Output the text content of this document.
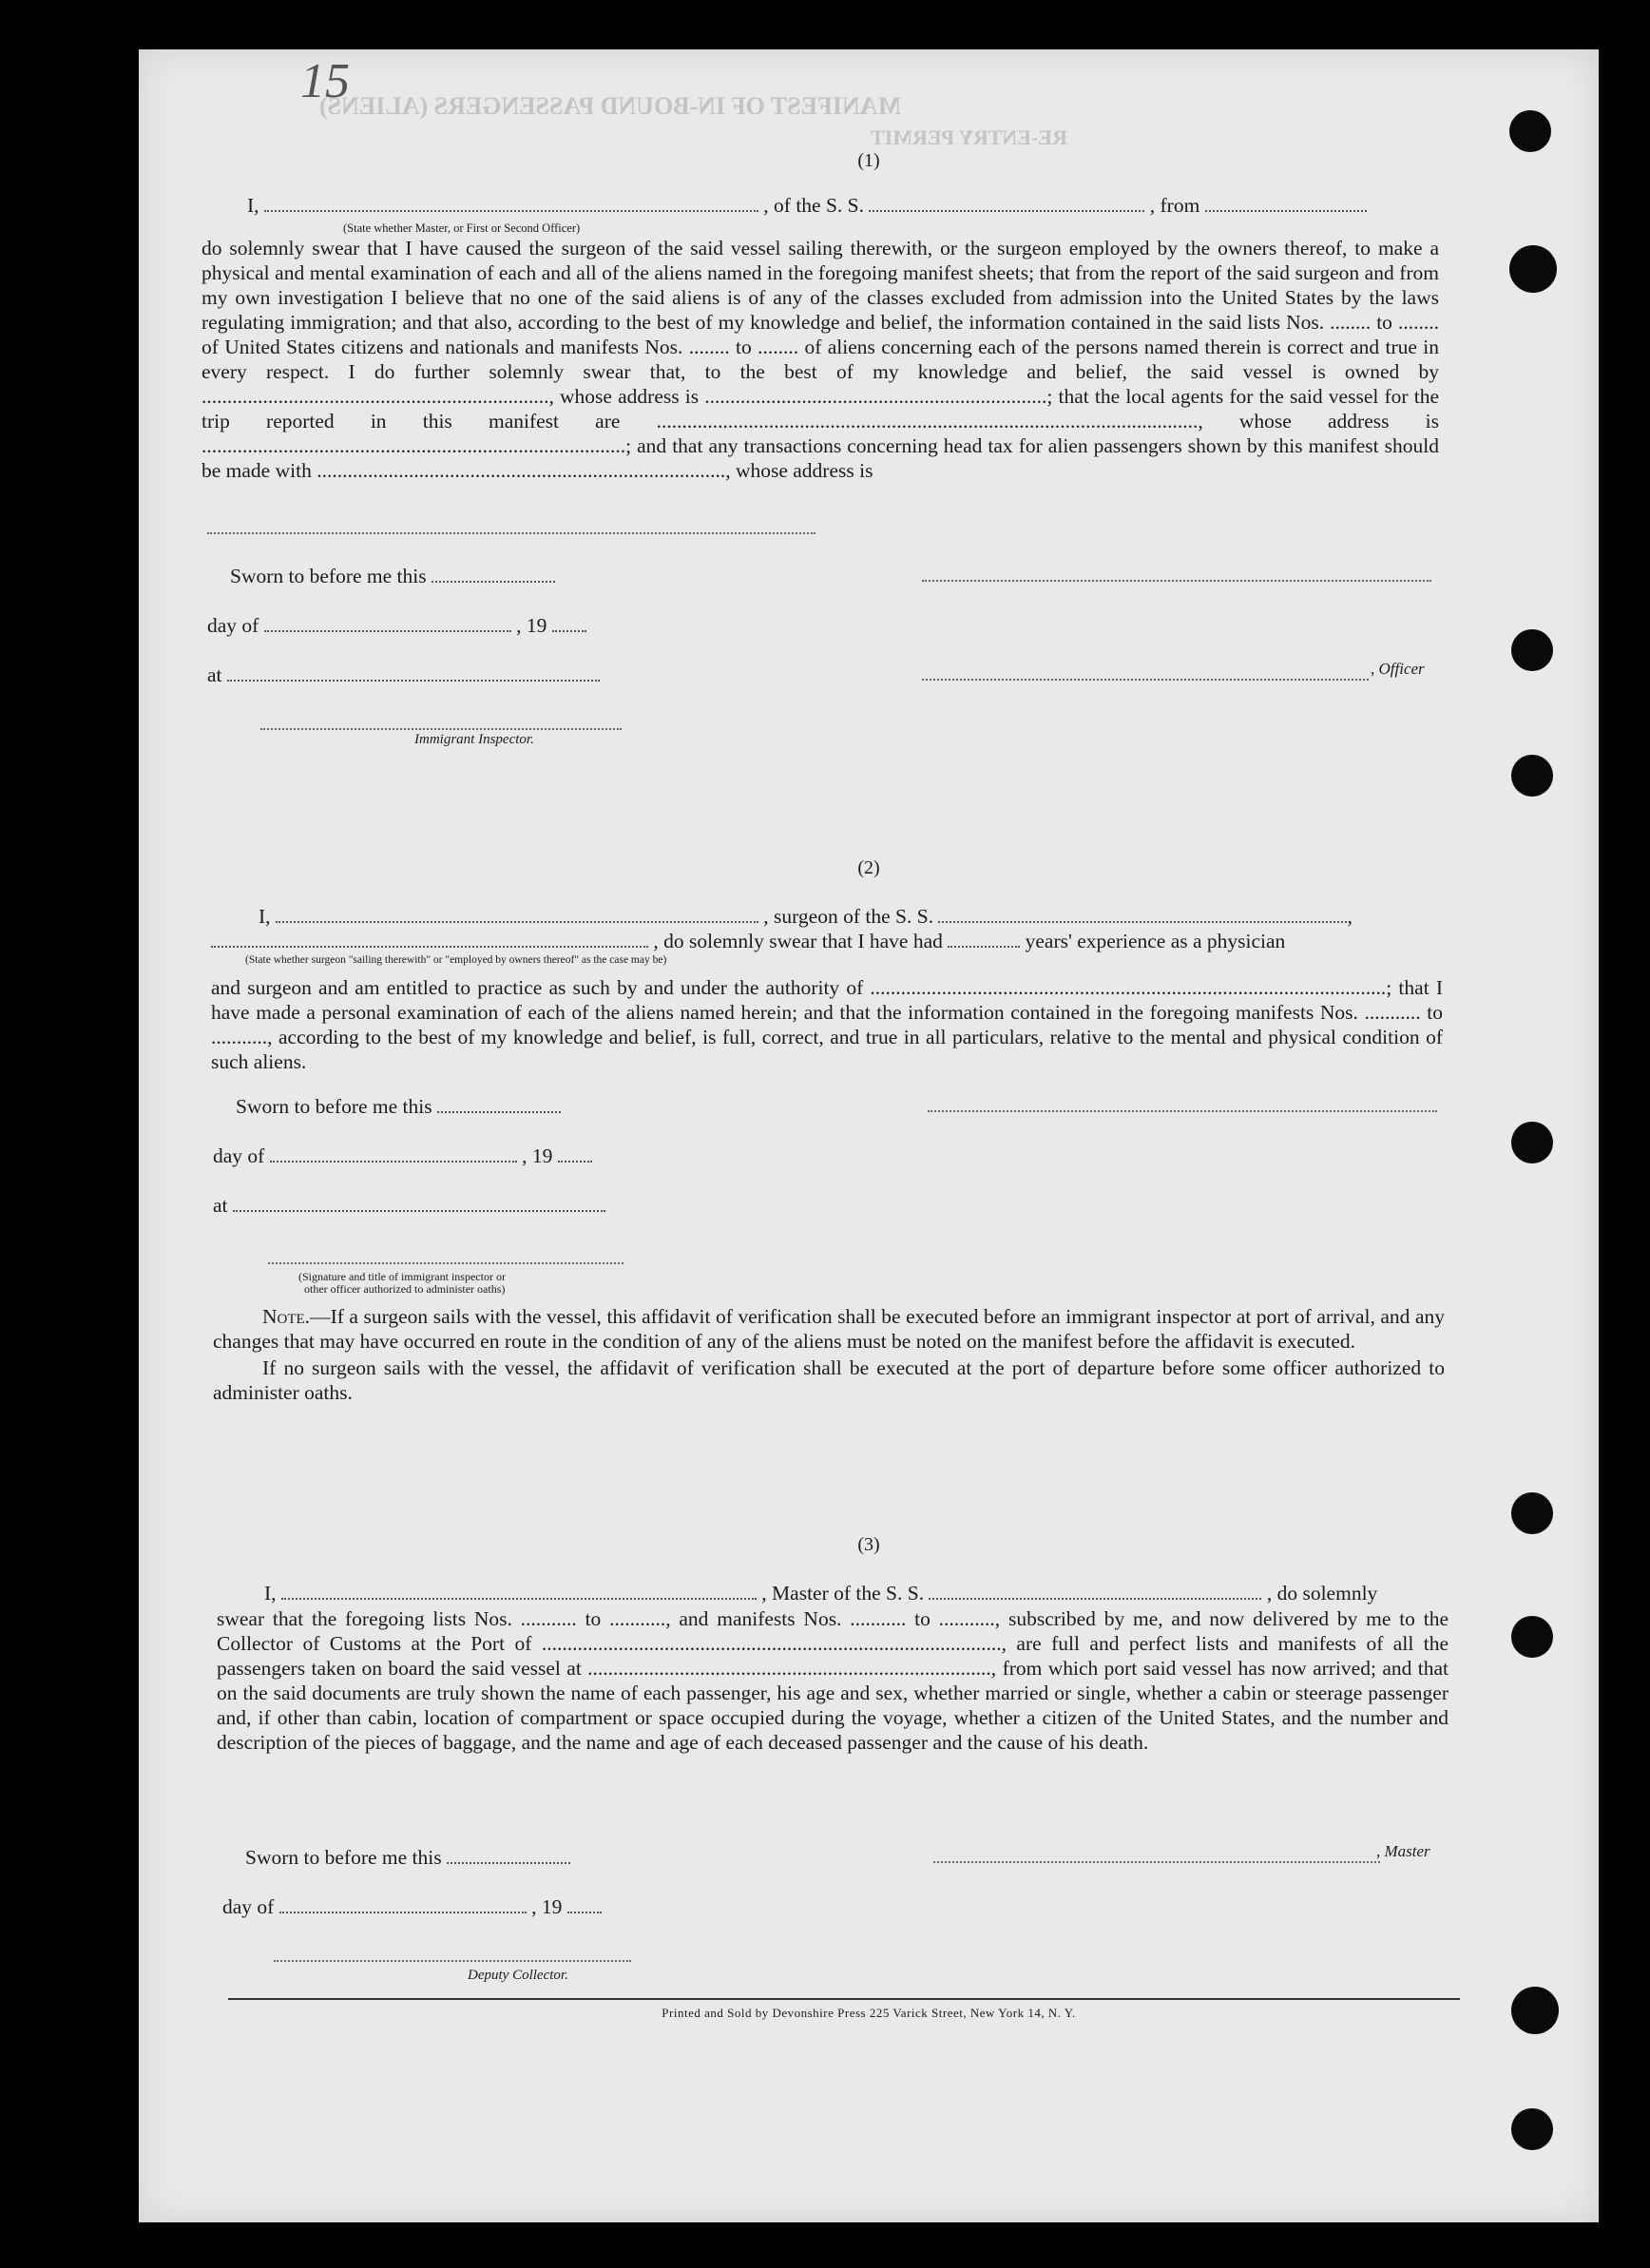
MANIFEST OF IN-BOUND PASSENGERS (ALIENS)
RE-ENTRY PERMIT
15
(1)
I,	, of the S. S.	, from
(State whether Master, or First or Second Officer)

do solemnly swear that I have caused the surgeon of the said vessel sailing therewith, or the surgeon employed by the owners thereof, to make a physical and mental examination of each and all of the aliens named in the foregoing manifest sheets; that from the report of the said surgeon and from my own investigation I believe that no one of the said aliens is of any of the classes excluded from admission into the United States by the laws regulating immigration; and that also, according to the best of my knowledge and belief, the information contained in the said lists Nos. ........ to ........ of United States citizens and nationals and manifests Nos. ........ to ........ of aliens concerning each of the persons named therein is correct and true in every respect. I do further solemnly swear that, to the best of my knowledge and belief, the said vessel is owned by ...................................................................., whose address is ...................................................................; that the local agents for the said vessel for the trip reported in this manifest are .........................................................................................................., whose address is ...................................................................................; and that any transactions concerning head tax for alien passengers shown by this manifest should be made with ................................................................................, whose address is

Sworn to before me this
day of	, 19
at	, Officer
Immigrant Inspector.
(2)
I,	, surgeon of the S. S.	,
, do solemnly swear that I have had	years' experience as a physician
(State whether surgeon "sailing therewith" or "employed by owners thereof" as the case may be)

and surgeon and am entitled to practice as such by and under the authority of .....................................................................................................; that I have made a personal examination of each of the aliens named herein; and that the information contained in the foregoing manifests Nos. ........... to ..........., according to the best of my knowledge and belief, is full, correct, and true in all particulars, relative to the mental and physical condition of such aliens.

Sworn to before me this
day of	, 19
at
(Signature and title of immigrant inspector or
other officer authorized to administer oaths)

Note.—If a surgeon sails with the vessel, this affidavit of verification shall be executed before an immigrant inspector at port of arrival, and any changes that may have occurred en route in the condition of any of the aliens must be noted on the manifest before the affidavit is executed.

If no surgeon sails with the vessel, the affidavit of verification shall be executed at the port of departure before some officer authorized to administer oaths.

(3)
I,	, Master of the S. S.	, do solemnly

swear that the foregoing lists Nos. ........... to ..........., and manifests Nos. ........... to ..........., subscribed by me, and now delivered by me to the Collector of Customs at the Port of .........................................................................................., are full and perfect lists and manifests of all the passengers taken on board the said vessel at ..............................................................................., from which port said vessel has now arrived; and that on the said documents are truly shown the name of each passenger, his age and sex, whether married or single, whether a cabin or steerage passenger and, if other than cabin, location of compartment or space occupied during the voyage, whether a citizen of the United States, and the number and description of the pieces of baggage, and the name and age of each deceased passenger and the cause of his death.

Sworn to before me this	, Master
day of	, 19
Deputy Collector.
Printed and Sold by Devonshire Press 225 Varick Street, New York 14, N. Y.
